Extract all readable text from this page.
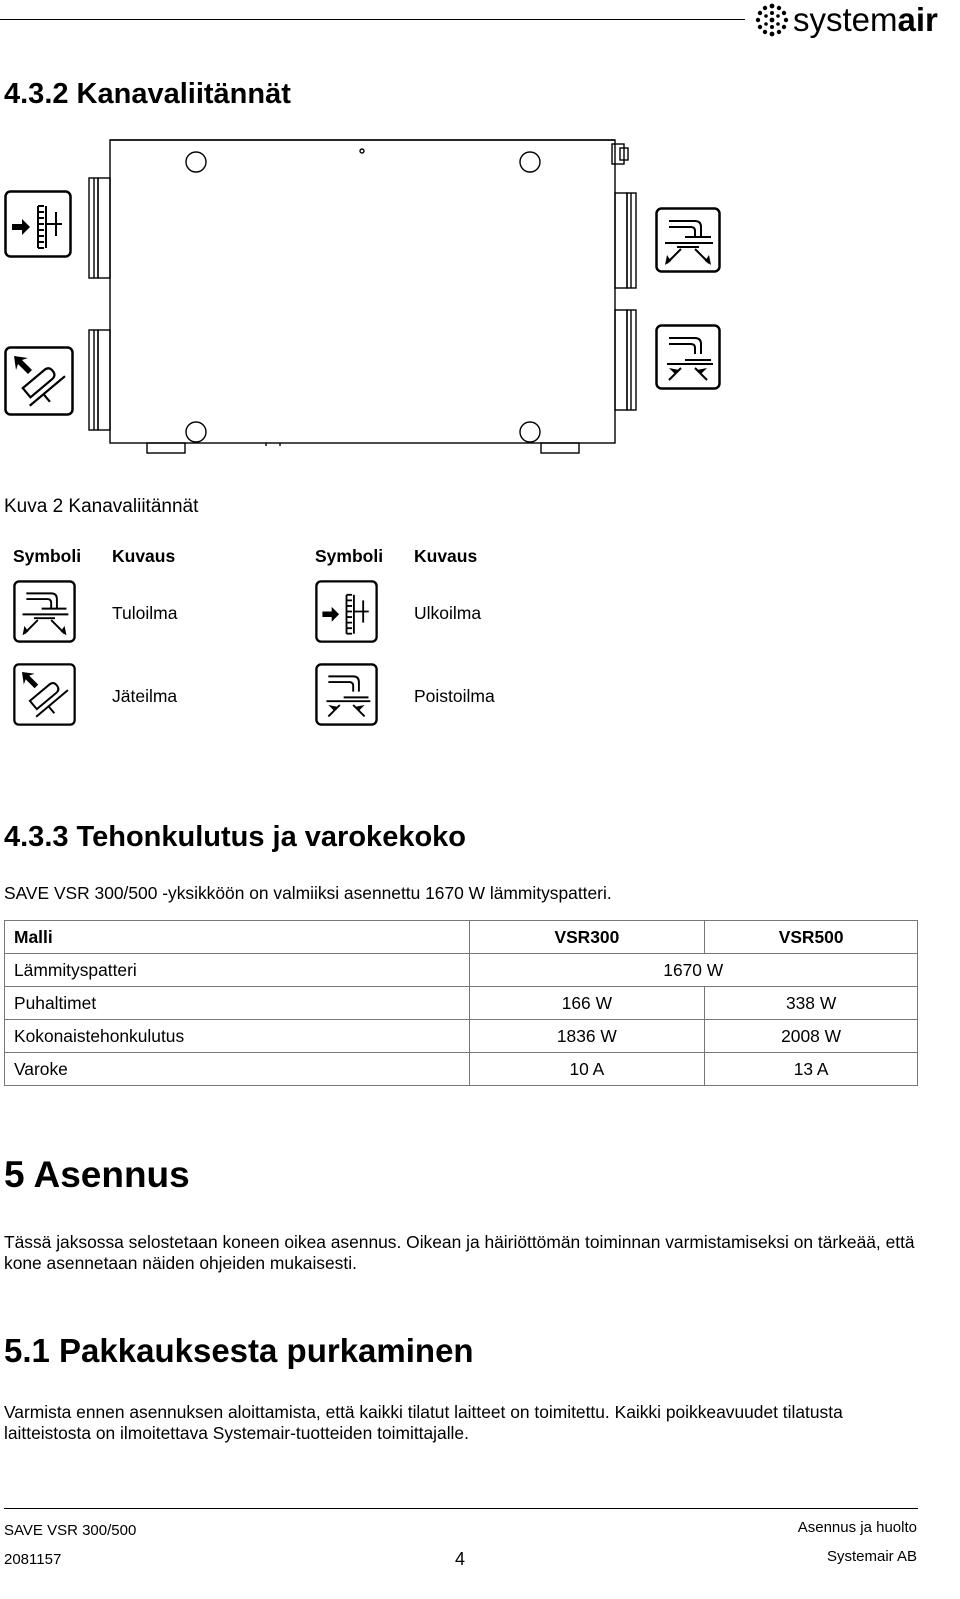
systemair
4.3.2 Kanavaliitännät
Kuva 2 Kanavaliitännät
Symboli Kuvaus	Symboli Kuvaus
Tuloilma	Ulkoilma
Jäteilma	Poistoilma
4.3.3 Tehonkulutus ja varokekoko
SAVE VSR 300/500 -yksikköön on valmiiksi asennettu 1670 W lämmityspatteri.
Malli	VSR300	VSR500
Lämmityspatteri	1670 W	
Puhaltimet	166 W	338 W
Kokonaistehonkulutus	1836 W	2008 W
Varoke	10 A	13 A
5 Asennus
Tässä jaksossa selostetaan koneen oikea asennus. Oikean ja häiriöttömän toiminnan varmistamiseksi on tärkeää, että kone asennetaan näiden ohjeiden mukaisesti.
5.1 Pakkauksesta purkaminen
Varmista ennen asennuksen aloittamista, että kaikki tilatut laitteet on toimitettu. Kaikki poikkeavuudet tilatusta laitteistosta on ilmoitettava Systemair-tuotteiden toimittajalle.
SAVE VSR 300/500
2081157	4
Asennus ja huolto
Systemair AB
